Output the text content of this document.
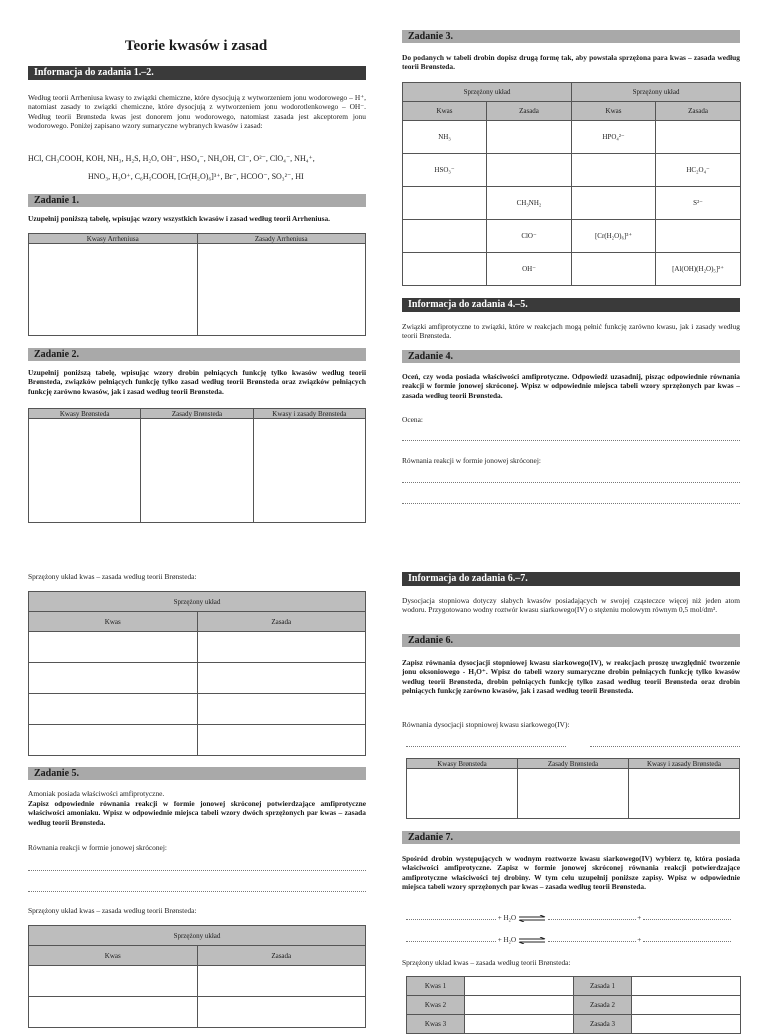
Teorie kwasów i zasad
Informacja do zadania 1.–2.
Według teorii Arrheniusa kwasy to związki chemiczne, które dysocjują z wytworzeniem jonu wodorowego – H⁺, natomiast zasady to związki chemiczne, które dysocjują z wytworzeniem jonu wodorotlenkowego – OH⁻. Według teorii Brønsteda kwas jest donorem jonu wodorowego, natomiast zasada jest akceptorem jonu wodorowego. Poniżej zapisano wzory sumaryczne wybranych kwasów i zasad:
HCl, CH₃COOH, KOH, NH₃, H₂S, H₂O, OH⁻, HSO₄⁻, NH₄OH, Cl⁻, O²⁻, ClO₄⁻, NH₄⁺,
HNO₃, H₃O⁺, C₆H₅COOH, [Cr(H₂O)₆]³⁺, Br⁻, HCOO⁻, SO₃²⁻, HI
Zadanie 1.
Uzupełnij poniższą tabelę, wpisując wzory wszystkich kwasów i zasad według teorii Arrheniusa.
Kwasy Arrheniusa	Zasady Arrheniusa

Zadanie 2.
Uzupełnij poniższą tabelę, wpisując wzory drobin pełniących funkcję tylko kwasów według teorii Brønsteda, związków pełniących funkcję tylko zasad według teorii Brønsteda oraz związków pełniących funkcję zarówno kwasów, jak i zasad według teorii Brønsteda.
Kwasy Brønsteda	Zasady Brønsteda	Kwasy i zasady Brønsteda

Zadanie 3.
Do podanych w tabeli drobin dopisz drugą formę tak, aby powstała sprzężona para kwas – zasada według teorii Brønsteda.
Sprzężony układ		Sprzężony układ	
Kwas	Zasada	Kwas	Zasada
NH₃		HPO₄²⁻	
HSO₃⁻			HC₂O₄⁻
	CH₃NH₂		S²⁻
	ClO⁻	[Cr(H₂O)₆]³⁺	
	OH⁻		[Al(OH)(H₂O)₅]²⁺
Informacja do zadania 4.–5.
Związki amfiprotyczne to związki, które w reakcjach mogą pełnić funkcję zarówno kwasu, jak i zasady według teorii Brønsteda.
Zadanie 4.
Oceń, czy woda posiada właściwości amfiprotyczne. Odpowiedź uzasadnij, pisząc odpowiednie równania reakcji w formie jonowej skróconej. Wpisz w odpowiednie miejsca tabeli wzory sprzężonych par kwas – zasada według teorii Brønsteda.
Ocena:
Równania reakcji w formie jonowej skróconej:
Sprzężony układ kwas – zasada według teorii Brønsteda:
Sprzężony układ	
Kwas	Zasada

Zadanie 5.
Amoniak posiada właściwości amfiprotyczne.
Zapisz odpowiednie równania reakcji w formie jonowej skróconej potwierdzające amfiprotyczne właściwości amoniaku. Wpisz w odpowiednie miejsca tabeli wzory dwóch sprzężonych par kwas – zasada według teorii Brønsteda.
Równania reakcji w formie jonowej skróconej:
Sprzężony układ kwas – zasada według teorii Brønsteda:
Sprzężony układ	
Kwas	Zasada

Informacja do zadania 6.–7.
Dysocjacja stopniowa dotyczy słabych kwasów posiadających w swojej cząsteczce więcej niż jeden atom wodoru. Przygotowano wodny roztwór kwasu siarkowego(IV) o stężeniu molowym równym 0,5 mol/dm³.
Zadanie 6.
Zapisz równania dysocjacji stopniowej kwasu siarkowego(IV), w reakcjach proszę uwzględnić tworzenie jonu oksoniowego - H₃O⁺. Wpisz do tabeli wzory sumaryczne drobin pełniących funkcję tylko kwasów według teorii Brønsteda, drobin pełniących funkcję tylko zasad według teorii Brønsteda oraz drobin pełniących funkcję zarówno kwasów, jak i zasad według teorii Brønsteda.
Równania dysocjacji stopniowej kwasu siarkowego(IV):
Kwasy Brønsteda	Zasady Brønsteda	Kwasy i zasady Brønsteda

Zadanie 7.
Spośród drobin występujących w wodnym roztworze kwasu siarkowego(IV) wybierz tę, która posiada właściwości amfiprotyczne. Zapisz w formie jonowej skróconej równania reakcji potwierdzające amfiprotyczne właściwości tej drobiny. W tym celu uzupełnij poniższe zapisy. Wpisz w odpowiednie miejsca tabeli wzory sprzężonych par kwas – zasada według teorii Brønsteda.
+ H₂O ⇌	+
+ H₂O ⇌	+
Sprzężony układ kwas – zasada według teorii Brønsteda:
Kwas 1		Zasada 1	
Kwas 2		Zasada 2	
Kwas 3		Zasada 3	
